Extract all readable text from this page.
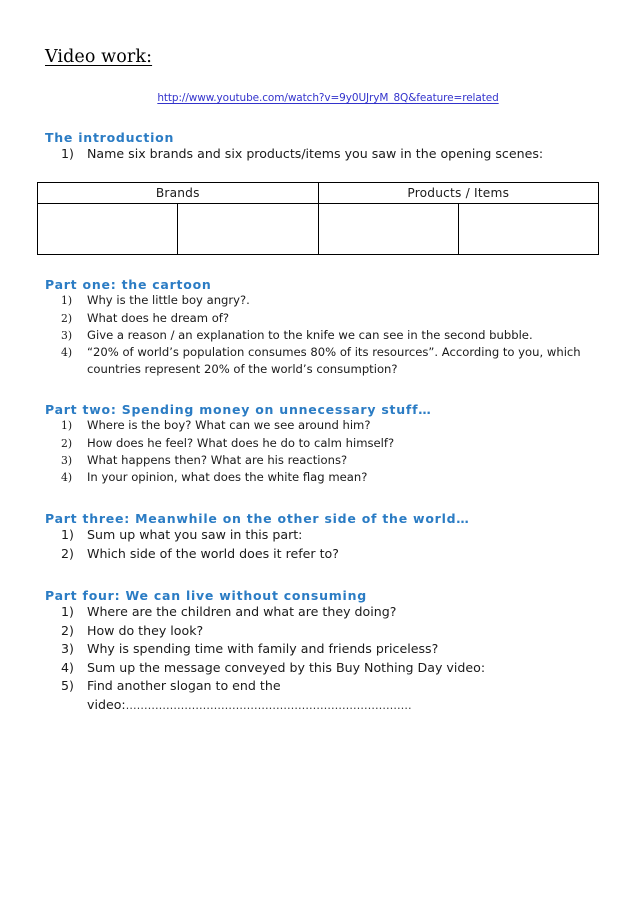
Video work:
http://www.youtube.com/watch?v=9y0UJryM_8Q&feature=related
The introduction
1) Name six brands and six products/items you saw in the opening scenes:
Brands		Products / Items	

Part one: the cartoon
1) Why is the little boy angry?.
2) What does he dream of?
3) Give a reason / an explanation to the knife we can see in the second bubble.
4) “20% of world’s population consumes 80% of its resources”. According to you, which countries represent 20% of the world’s consumption?
Part two: Spending money on unnecessary stuff…
1) Where is the boy? What can we see around him?
2) How does he feel? What does he do to calm himself?
3) What happens then? What are his reactions?
4) In your opinion, what does the white flag mean?
Part three: Meanwhile on the other side of the world…
1) Sum up what you saw in this part:
2) Which side of the world does it refer to?
Part four: We can live without consuming
1) Where are the children and what are they doing?
2) How do they look?
3) Why is spending time with family and friends priceless?
4) Sum up the message conveyed by this Buy Nothing Day video:
5) Find another slogan to end the video:……………………………………………………………………
